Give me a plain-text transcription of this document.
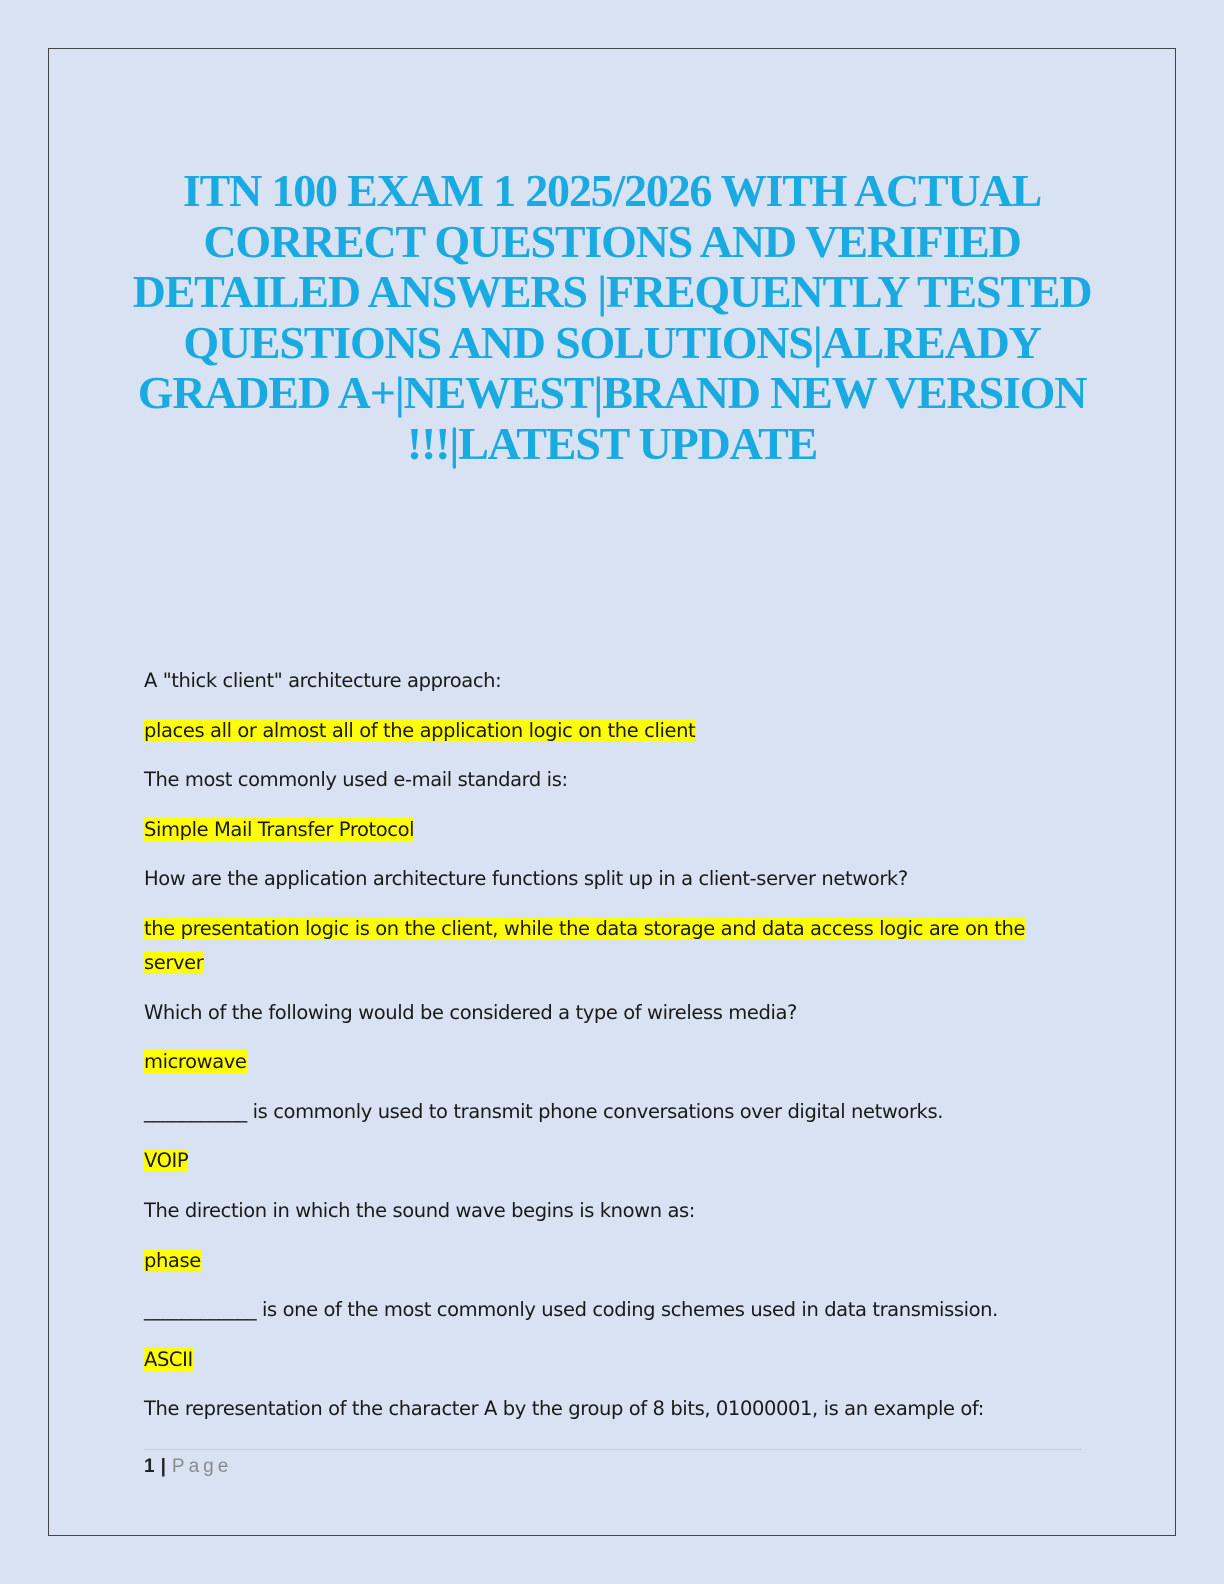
ITN 100 EXAM 1 2025/2026 WITH ACTUAL CORRECT QUESTIONS AND VERIFIED DETAILED ANSWERS |FREQUENTLY TESTED QUESTIONS AND SOLUTIONS|ALREADY GRADED A+|NEWEST|BRAND NEW VERSION !!!|LATEST UPDATE

A "thick client" architecture approach:

places all or almost all of the application logic on the client

The most commonly used e-mail standard is:

Simple Mail Transfer Protocol

How are the application architecture functions split up in a client-server network?

the presentation logic is on the client, while the data storage and data access logic are on the server

Which of the following would be considered a type of wireless media?

microwave

___________ is commonly used to transmit phone conversations over digital networks.

VOIP

The direction in which the sound wave begins is known as:

phase

____________ is one of the most commonly used coding schemes used in data transmission.

ASCII

The representation of the character A by the group of 8 bits, 01000001, is an example of:

1 | Page
